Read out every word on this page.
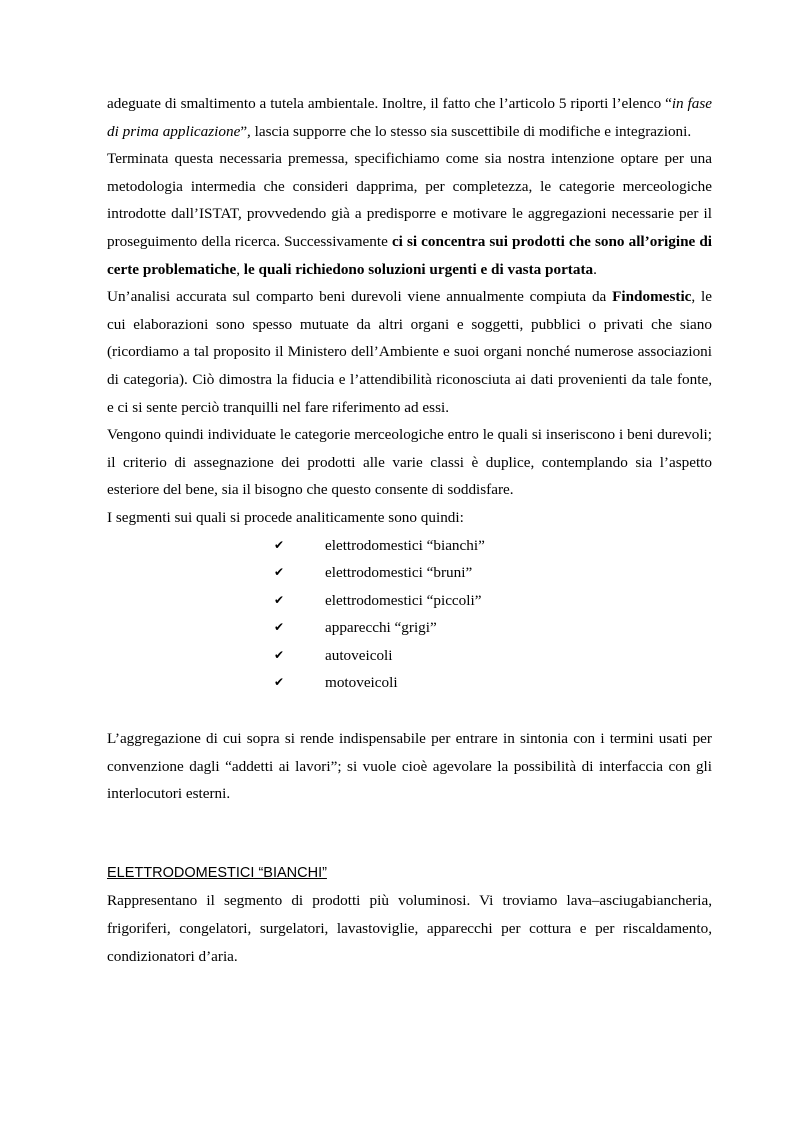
adeguate di smaltimento a tutela ambientale. Inoltre, il fatto che l’articolo 5 riporti l’elenco “in fase di prima applicazione”, lascia supporre che lo stesso sia suscettibile di modifiche e integrazioni.

Terminata questa necessaria premessa, specifichiamo come sia nostra intenzione optare per una metodologia intermedia che consideri dapprima, per completezza, le categorie merceologiche introdotte dall’ISTAT, provvedendo già a predisporre e motivare le aggregazioni necessarie per il proseguimento della ricerca. Successivamente ci si concentra sui prodotti che sono all’origine di certe problematiche, le quali richiedono soluzioni urgenti e di vasta portata.

Un’analisi accurata sul comparto beni durevoli viene annualmente compiuta da Findomestic, le cui elaborazioni sono spesso mutuate da altri organi e soggetti, pubblici o privati che siano (ricordiamo a tal proposito il Ministero dell’Ambiente e suoi organi nonché numerose associazioni di categoria). Ciò dimostra la fiducia e l’attendibilità riconosciuta ai dati provenienti da tale fonte, e ci si sente perciò tranquilli nel fare riferimento ad essi.

Vengono quindi individuate le categorie merceologiche entro le quali si inseriscono i beni durevoli; il criterio di assegnazione dei prodotti alle varie classi è duplice, contemplando sia l’aspetto esteriore del bene, sia il bisogno che questo consente di soddisfare.

I segmenti sui quali si procede analiticamente sono quindi:

✔	elettrodomestici “bianchi”
✔	elettrodomestici “bruni”
✔	elettrodomestici “piccoli”
✔	apparecchi “grigi”
✔	autoveicoli
✔	motoveicoli

L’aggregazione di cui sopra si rende indispensabile per entrare in sintonia con i termini usati per convenzione dagli “addetti ai lavori”; si vuole cioè agevolare la possibilità di interfaccia con gli interlocutori esterni.

ELETTRODOMESTICI “BIANCHI”

Rappresentano il segmento di prodotti più voluminosi. Vi troviamo lava–asciugabiancheria, frigoriferi, congelatori, surgelatori, lavastoviglie, apparecchi per cottura e per riscaldamento, condizionatori d’aria.
